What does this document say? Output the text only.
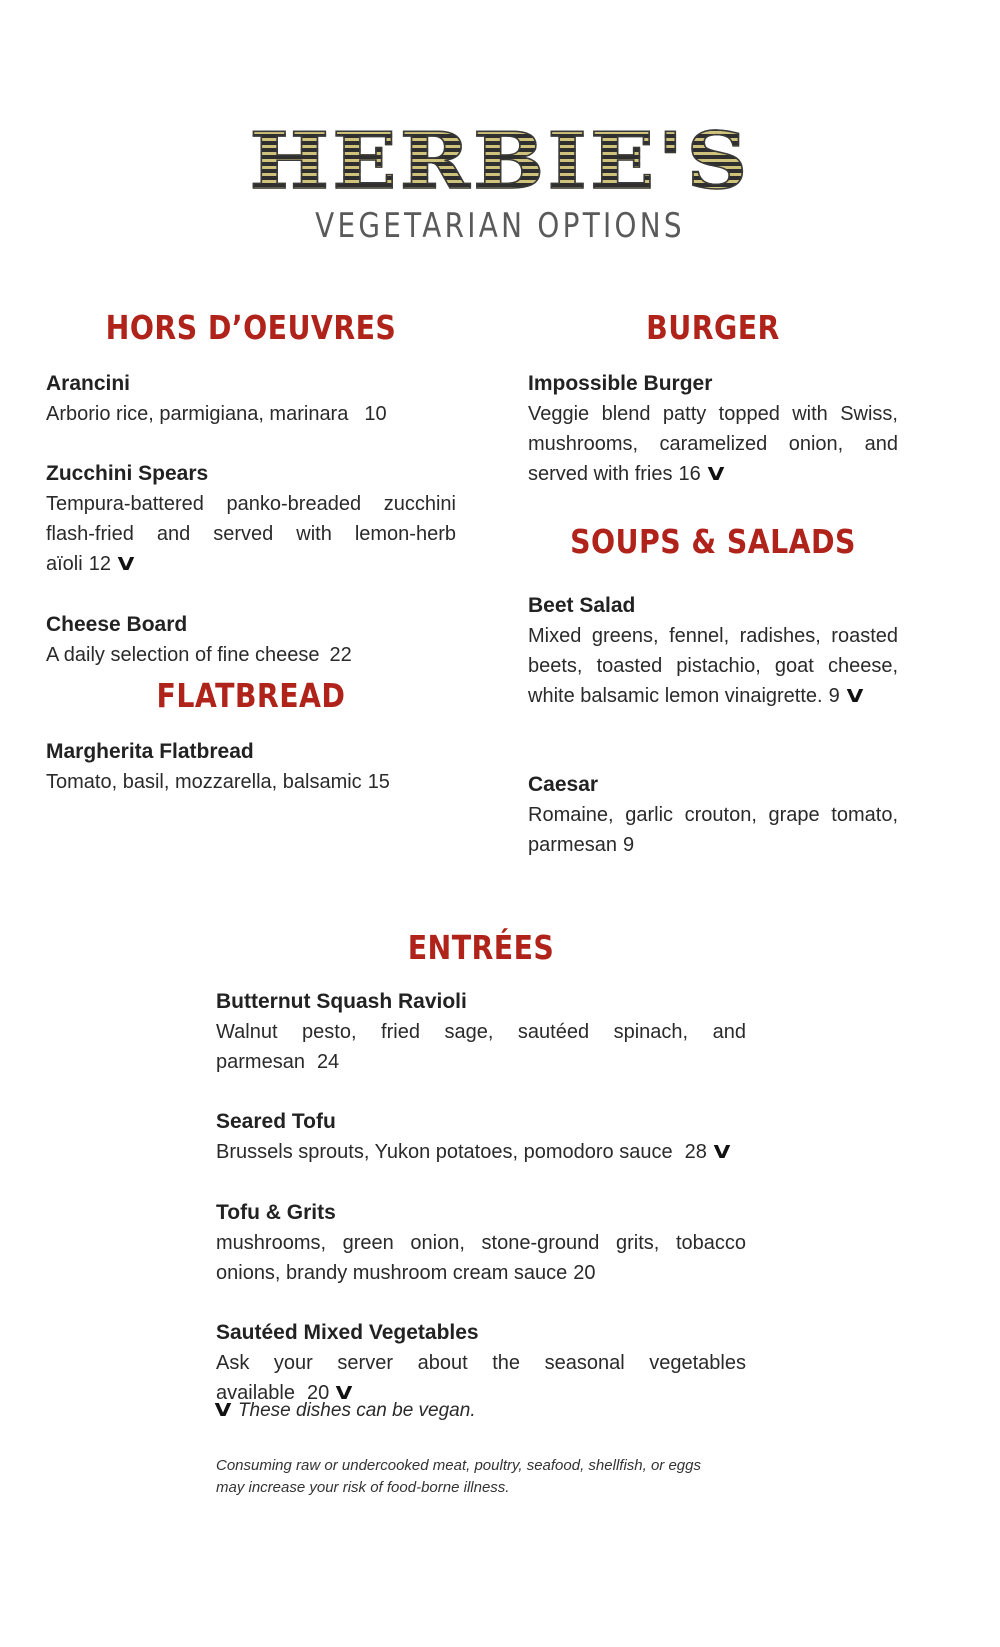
HERBIE'S
VEGETARIAN OPTIONS
HORS D’OEUVRES
Arancini
Arborio rice, parmigiana, marinara 10
Zucchini Spears
Tempura-battered panko-breaded zucchini flash-fried and served with lemon-herb aïoli 12 V
Cheese Board
A daily selection of fine cheese 22
FLATBREAD
Margherita Flatbread
Tomato, basil, mozzarella, balsamic 15
BURGER
Impossible Burger
Veggie blend patty topped with Swiss, mushrooms, caramelized onion, and served with fries 16 V
SOUPS & SALADS
Beet Salad
Mixed greens, fennel, radishes, roasted beets, toasted pistachio, goat cheese, white balsamic lemon vinaigrette. 9 V
Caesar
Romaine, garlic crouton, grape tomato, parmesan 9
ENTRÉES
Butternut Squash Ravioli
Walnut pesto, fried sage, sautéed spinach, and parmesan 24
Seared Tofu
Brussels sprouts, Yukon potatoes, pomodoro sauce 28 V
Tofu & Grits
mushrooms, green onion, stone-ground grits, tobacco onions, brandy mushroom cream sauce 20
Sautéed Mixed Vegetables
Ask your server about the seasonal vegetables available 20 V
V These dishes can be vegan.
Consuming raw or undercooked meat, poultry, seafood, shellfish, or eggs may increase your risk of food-borne illness.
